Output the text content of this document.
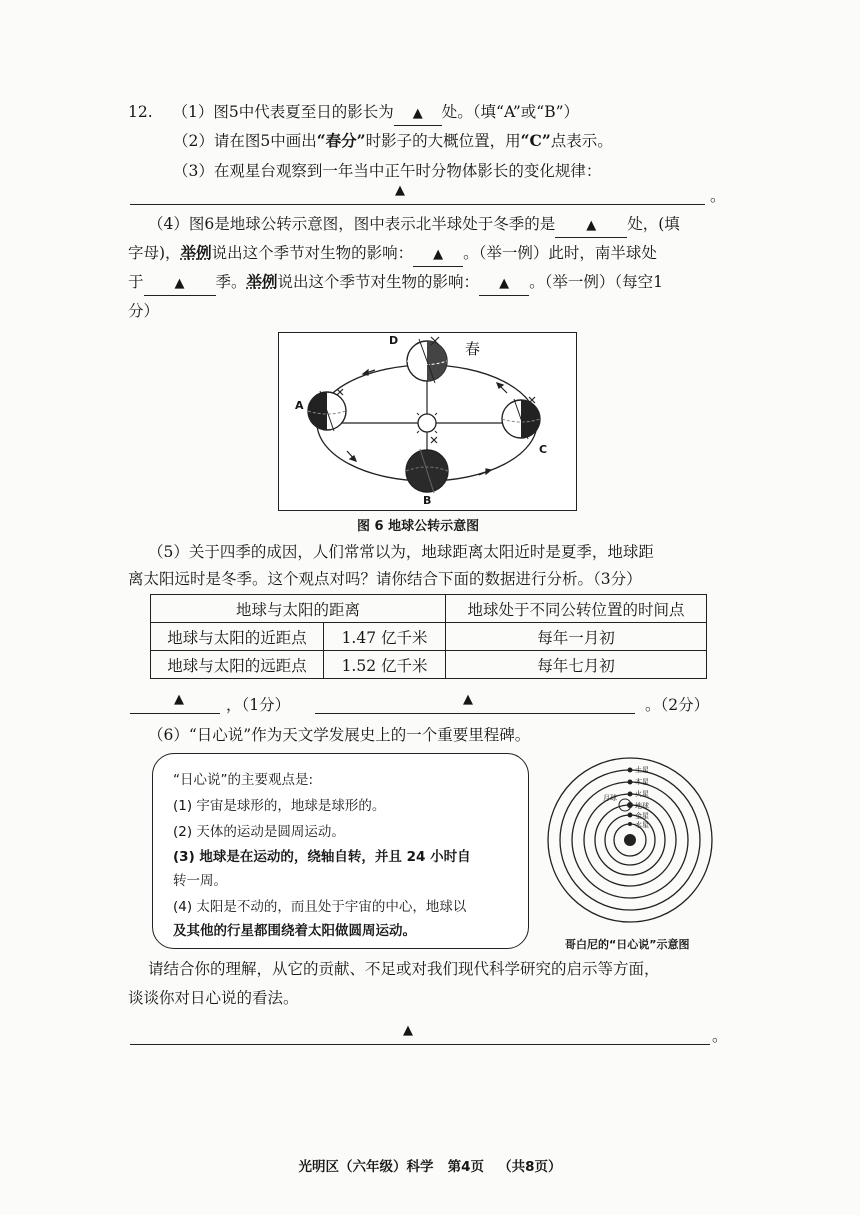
12. （1）图5中代表夏至日的影长为 ▲ 处。（填“A”或“B”）
（2）请在图5中画出“春分”时影子的大概位置，用“C”点表示。
（3）在观星台观察到一年当中正午时分物体影长的变化规律：
▲	。
（4）图6是地球公转示意图，图中表示北半球处于冬季的是 ▲ 处，(填
字母)，举例说出这个季节对生物的影响： ▲ 。（举一例）此时，南半球处
于 ▲ 季。举例说出这个季节对生物的影响： ▲ 。（举一例）（每空1
分）
D
A
C
B
春
图 6 地球公转示意图
（5）关于四季的成因，人们常常以为，地球距离太阳近时是夏季，地球距
离太阳远时是冬季。这个观点对吗？请你结合下面的数据进行分析。（3分）
地球与太阳的距离		地球处于不同公转位置的时间点
地球与太阳的近距点	1.47 亿千米	每年一月初
地球与太阳的远距点	1.52 亿千米	每年七月初
▲	，（1分）	▲	。（2分）
（6）“日心说”作为天文学发展史上的一个重要里程碑。
“日心说”的主要观点是:
(1) 宇宙是球形的，地球是球形的。
(2) 天体的运动是圆周运动。
(3) 地球是在运动的，绕轴自转，并且 24 小时自
转一周。
(4) 太阳是不动的，而且处于宇宙的中心，地球以
及其他的行星都围绕着太阳做圆周运动。
土星
木星
火星
月球
地球
金星
水星
哥白尼的“日心说”示意图
请结合你的理解，从它的贡献、不足或对我们现代科学研究的启示等方面，
谈谈你对日心说的看法。
▲	。
光明区（六年级）科学   第4页   （共8页）
